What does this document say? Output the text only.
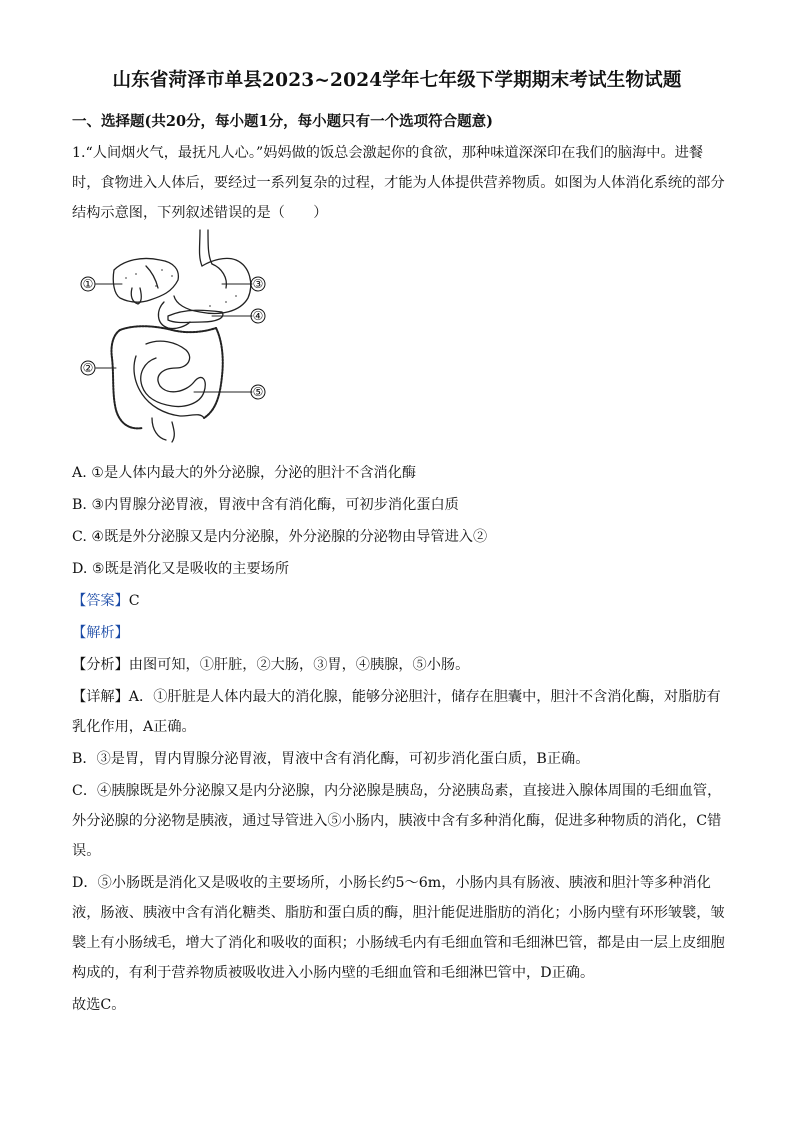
山东省菏泽市单县2023~2024学年七年级下学期期末考试生物试题
一、选择题(共20分，每小题1分，每小题只有一个选项符合题意)
1.“人间烟火气，最抚凡人心。”妈妈做的饭总会激起你的食欲，那种味道深深印在我们的脑海中。进餐
时，食物进入人体后，要经过一系列复杂的过程，才能为人体提供营养物质。如图为人体消化系统的部分
结构示意图，下列叙述错误的是（　　）
①
②
③
④
⑤
A. ①是人体内最大的外分泌腺，分泌的胆汁不含消化酶
B. ③内胃腺分泌胃液，胃液中含有消化酶，可初步消化蛋白质
C. ④既是外分泌腺又是内分泌腺，外分泌腺的分泌物由导管进入②
D. ⑤既是消化又是吸收的主要场所
【答案】C
【解析】
【分析】由图可知，①肝脏，②大肠，③胃，④胰腺，⑤小肠。
【详解】A．①肝脏是人体内最大的消化腺，能够分泌胆汁，储存在胆囊中，胆汁不含消化酶，对脂肪有
乳化作用，A正确。
B．③是胃，胃内胃腺分泌胃液，胃液中含有消化酶，可初步消化蛋白质，B正确。
C．④胰腺既是外分泌腺又是内分泌腺，内分泌腺是胰岛，分泌胰岛素，直接进入腺体周围的毛细血管，
外分泌腺的分泌物是胰液，通过导管进入⑤小肠内，胰液中含有多种消化酶，促进多种物质的消化，C错
误。
D．⑤小肠既是消化又是吸收的主要场所，小肠长约5～6m，小肠内具有肠液、胰液和胆汁等多种消化
液，肠液、胰液中含有消化糖类、脂肪和蛋白质的酶，胆汁能促进脂肪的消化；小肠内壁有环形皱襞，皱
襞上有小肠绒毛，增大了消化和吸收的面积；小肠绒毛内有毛细血管和毛细淋巴管，都是由一层上皮细胞
构成的，有利于营养物质被吸收进入小肠内壁的毛细血管和毛细淋巴管中，D正确。
故选C。
